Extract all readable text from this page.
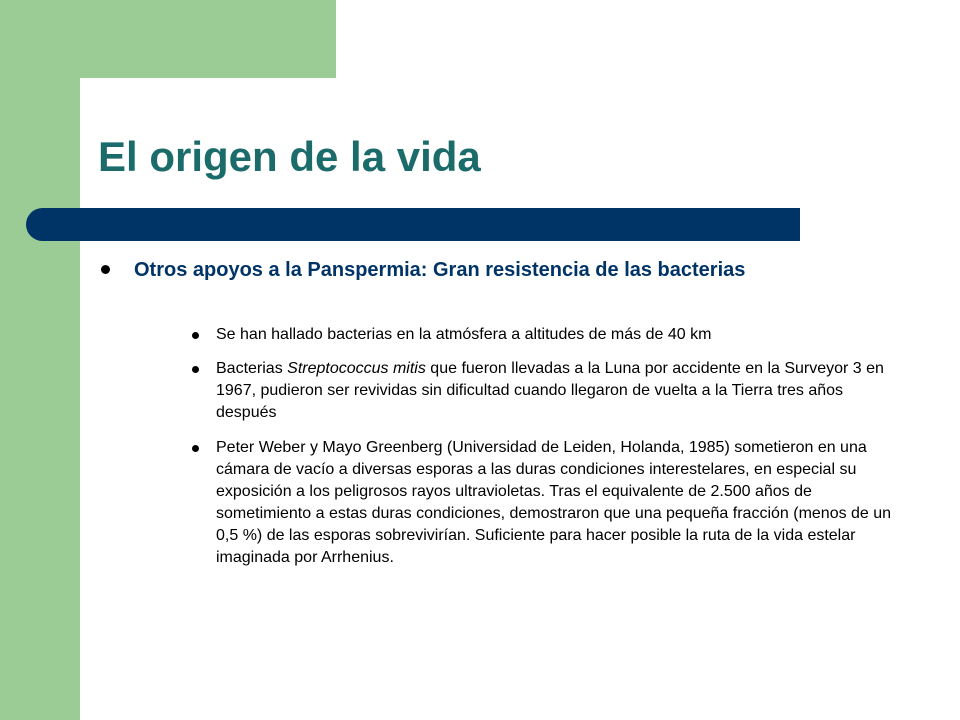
El origen de la vida
Otros apoyos a la Panspermia: Gran resistencia de las bacterias
Se han hallado bacterias en la atmósfera a altitudes de más de 40 km
Bacterias Streptococcus mitis que fueron llevadas a la Luna por accidente en la Surveyor 3 en 1967, pudieron ser revividas sin dificultad cuando llegaron de vuelta a la Tierra tres años después
Peter Weber y Mayo Greenberg (Universidad de Leiden, Holanda, 1985) sometieron en una cámara de vacío a diversas esporas a las duras condiciones interestelares, en especial su exposición a los peligrosos rayos ultravioletas. Tras el equivalente de 2.500 años de sometimiento a estas duras condiciones, demostraron que una pequeña fracción (menos de un 0,5 %) de las esporas sobrevivirían. Suficiente para hacer posible la ruta de la vida estelar imaginada por Arrhenius.
